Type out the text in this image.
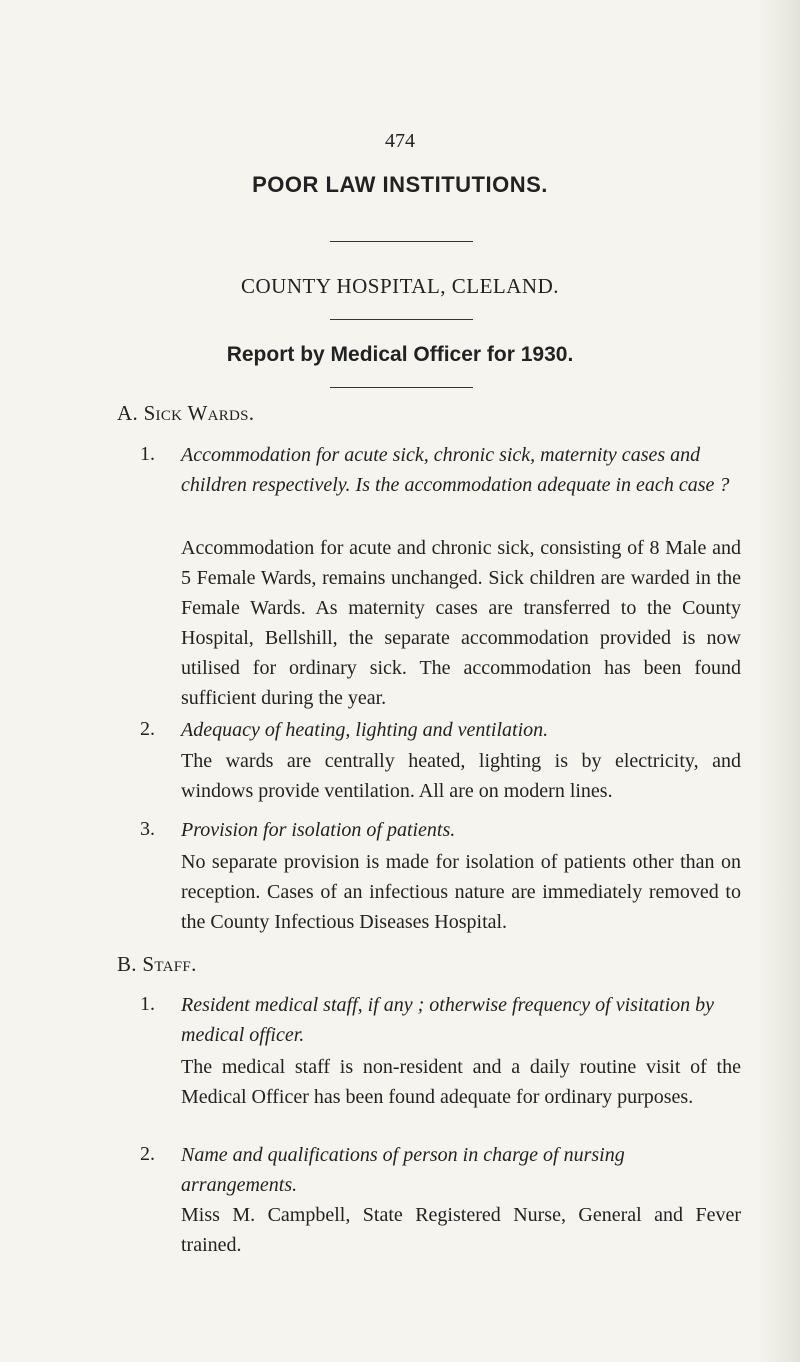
474
POOR LAW INSTITUTIONS.
COUNTY HOSPITAL, CLELAND.
Report by Medical Officer for 1930.
A. Sick Wards.
1. Accommodation for acute sick, chronic sick, maternity cases and children respectively. Is the accommodation adequate in each case ?
Accommodation for acute and chronic sick, consisting of 8 Male and 5 Female Wards, remains unchanged. Sick children are warded in the Female Wards. As maternity cases are transferred to the County Hospital, Bellshill, the separate accommodation provided is now utilised for ordinary sick. The accommodation has been found sufficient during the year.
2. Adequacy of heating, lighting and ventilation.
The wards are centrally heated, lighting is by electricity, and windows provide ventilation. All are on modern lines.
3. Provision for isolation of patients.
No separate provision is made for isolation of patients other than on reception. Cases of an infectious nature are immediately removed to the County Infectious Diseases Hospital.
B. Staff.
1. Resident medical staff, if any ; otherwise frequency of visitation by medical officer.
The medical staff is non-resident and a daily routine visit of the Medical Officer has been found adequate for ordinary purposes.
2. Name and qualifications of person in charge of nursing arrangements.
Miss M. Campbell, State Registered Nurse, General and Fever trained.
